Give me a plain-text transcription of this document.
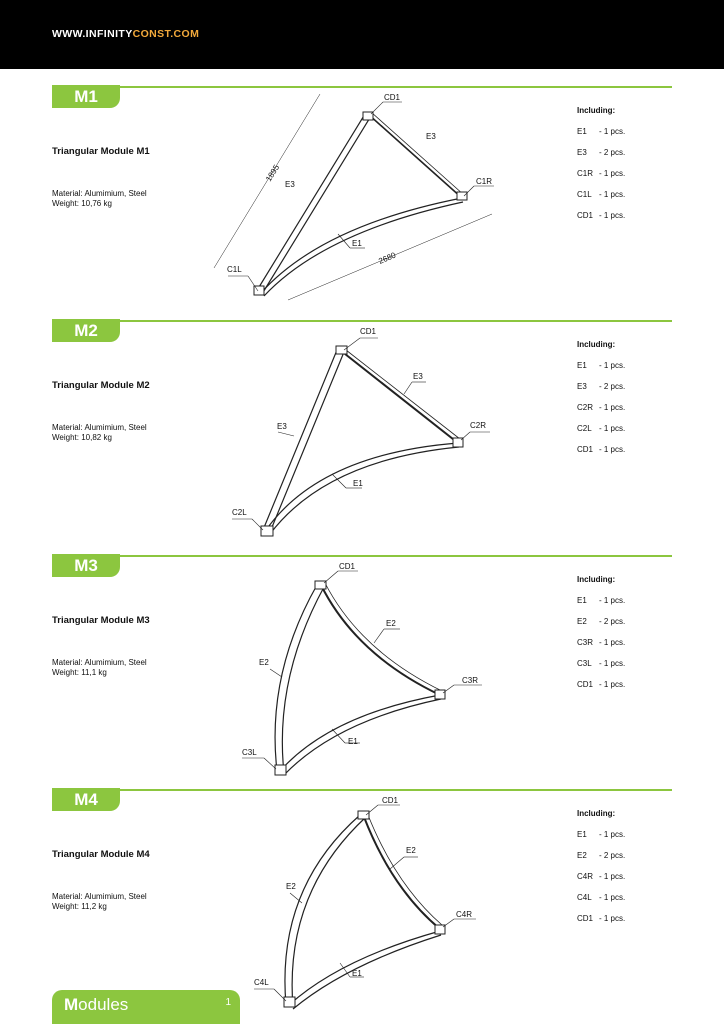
WWW.INFINITYCONST.COM
M1
Triangular Module M1
Material: Alumimium, Steel
Weight: 10,76 kg
CD1
E3
E3
E1
C1L
C1R
1895
2680
Including:
E1	- 1 pcs.
E3	- 2 pcs.
C1R - 1 pcs.
C1L - 1 pcs.
CD1 - 1 pcs.
M2
Triangular Module M2
Material: Alumimium, Steel
Weight: 10,82 kg
CD1
E3
E3
E1
C2L
C2R
Including:
E1	- 1 pcs.
E3	- 2 pcs.
C2R - 1 pcs.
C2L - 1 pcs.
CD1 - 1 pcs.
M3
Triangular Module M3
Material: Alumimium, Steel
Weight: 11,1 kg
CD1
E2
E2
E1
C3L
C3R
Including:
E1	- 1 pcs.
E2	- 2 pcs.
C3R - 1 pcs.
C3L - 1 pcs.
CD1 - 1 pcs.
M4
Triangular Module M4
Material: Alumimium, Steel
Weight: 11,2 kg
CD1
E2
E2
E1
C4L
C4R
Including:
E1	- 1 pcs.
E2	- 2 pcs.
C4R - 1 pcs.
C4L - 1 pcs.
CD1 - 1 pcs.
Modules	1
